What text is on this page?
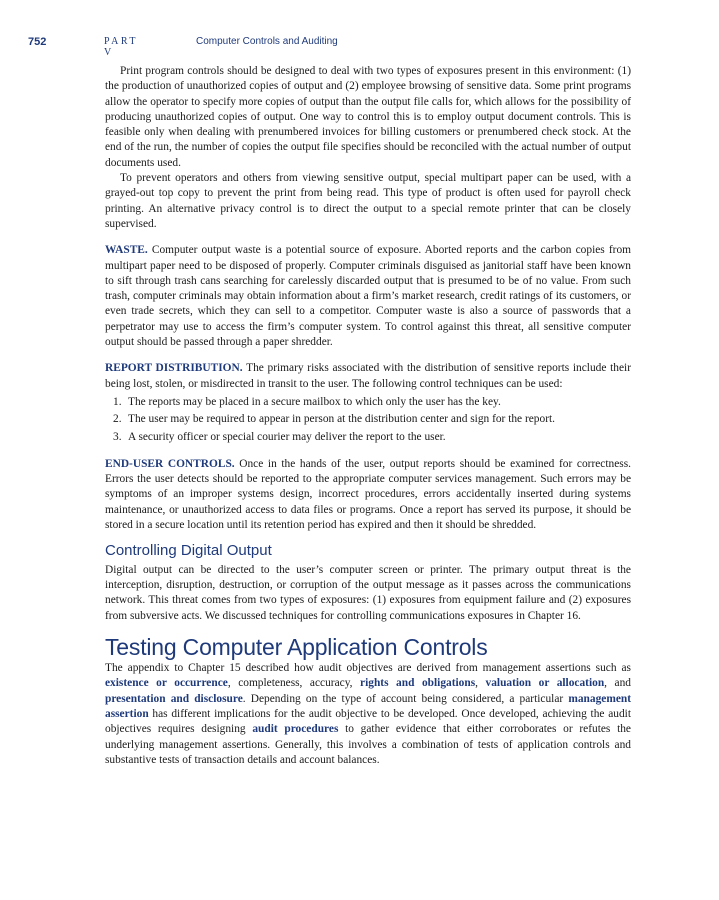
752	PART V
Computer Controls and Auditing

Print program controls should be designed to deal with two types of exposures present in this environment: (1) the production of unauthorized copies of output and (2) employee browsing of sensitive data. Some print programs allow the operator to specify more copies of output than the output file calls for, which allows for the possibility of producing unauthorized copies of output. One way to control this is to employ output document controls. This is feasible only when dealing with prenumbered invoices for billing customers or prenumbered check stock. At the end of the run, the number of copies the output file specifies should be reconciled with the actual number of output documents used.

To prevent operators and others from viewing sensitive output, special multipart paper can be used, with a grayed-out top copy to prevent the print from being read. This type of product is often used for payroll check printing. An alternative privacy control is to direct the output to a special remote printer that can be closely supervised.

WASTE. Computer output waste is a potential source of exposure. Aborted reports and the carbon copies from multipart paper need to be disposed of properly. Computer criminals disguised as janitorial staff have been known to sift through trash cans searching for carelessly discarded output that is presumed to be of no value. From such trash, computer criminals may obtain information about a firm’s market research, credit ratings of its customers, or even trade secrets, which they can sell to a competitor. Computer waste is also a source of passwords that a perpetrator may use to access the firm’s computer system. To control against this threat, all sensitive computer output should be passed through a paper shredder.

REPORT DISTRIBUTION. The primary risks associated with the distribution of sensitive reports include their being lost, stolen, or misdirected in transit to the user. The following control techniques can be used:

1. The reports may be placed in a secure mailbox to which only the user has the key.
2. The user may be required to appear in person at the distribution center and sign for the report.
3. A security officer or special courier may deliver the report to the user.

END-USER CONTROLS. Once in the hands of the user, output reports should be examined for correctness. Errors the user detects should be reported to the appropriate computer services management. Such errors may be symptoms of an improper systems design, incorrect procedures, errors accidentally inserted during systems maintenance, or unauthorized access to data files or programs. Once a report has served its purpose, it should be stored in a secure location until its retention period has expired and then it should be shredded.

Controlling Digital Output

Digital output can be directed to the user’s computer screen or printer. The primary output threat is the interception, disruption, destruction, or corruption of the output message as it passes across the communications network. This threat comes from two types of exposures: (1) exposures from equipment failure and (2) exposures from subversive acts. We discussed techniques for controlling communications exposures in Chapter 16.

Testing Computer Application Controls

The appendix to Chapter 15 described how audit objectives are derived from management assertions such as existence or occurrence, completeness, accuracy, rights and obligations, valuation or allocation, and presentation and disclosure. Depending on the type of account being considered, a particular management assertion has different implications for the audit objective to be developed. Once developed, achieving the audit objectives requires designing audit procedures to gather evidence that either corroborates or refutes the underlying management assertions. Generally, this involves a combination of tests of application controls and substantive tests of transaction details and account balances.
